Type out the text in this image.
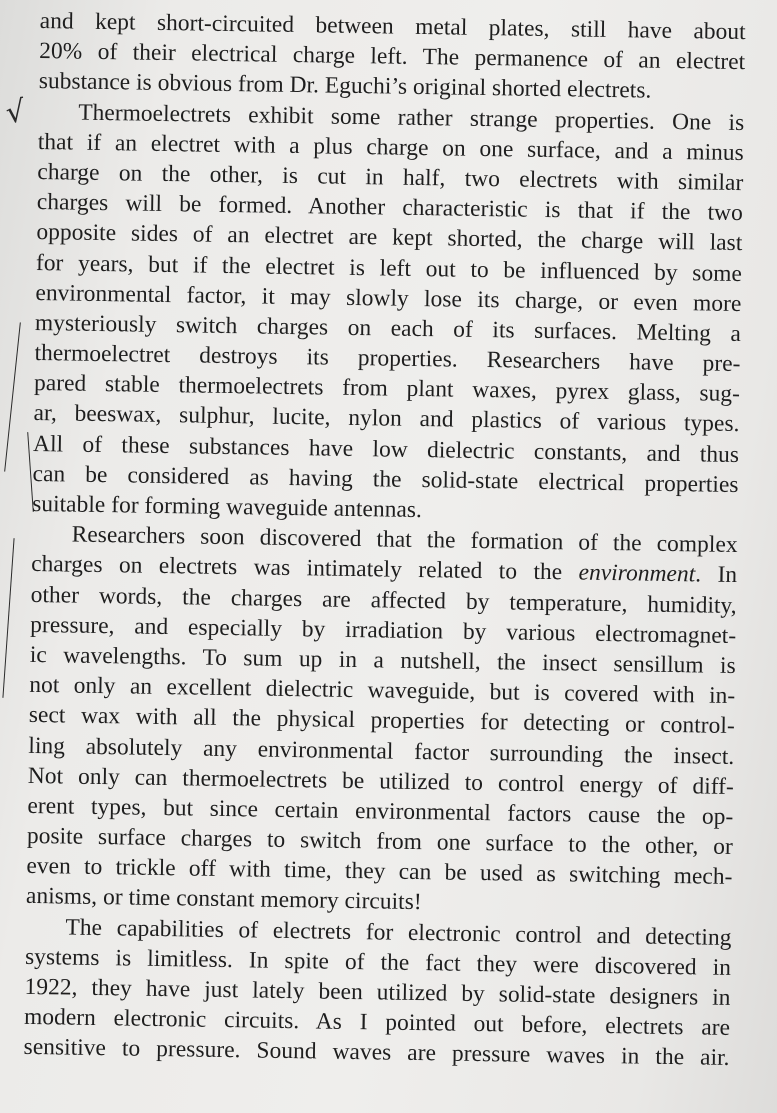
√
and kept short-circuited between metal plates, still have about
20% of their electrical charge left. The permanence of an electret
substance is obvious from Dr. Eguchi’s original shorted electrets.
Thermoelectrets exhibit some rather strange properties. One is
that if an electret with a plus charge on one surface, and a minus
charge on the other, is cut in half, two electrets with similar
charges will be formed. Another characteristic is that if the two
opposite sides of an electret are kept shorted, the charge will last
for years, but if the electret is left out to be influenced by some
environmental factor, it may slowly lose its charge, or even more
mysteriously switch charges on each of its surfaces. Melting a
thermoelectret destroys its properties. Researchers have pre-
pared stable thermoelectrets from plant waxes, pyrex glass, sug-
ar, beeswax, sulphur, lucite, nylon and plastics of various types.
All of these substances have low dielectric constants, and thus
can be considered as having the solid-state electrical properties
suitable for forming waveguide antennas.
Researchers soon discovered that the formation of the complex
charges on electrets was intimately related to the environment. In
other words, the charges are affected by temperature, humidity,
pressure, and especially by irradiation by various electromagnet-
ic wavelengths. To sum up in a nutshell, the insect sensillum is
not only an excellent dielectric waveguide, but is covered with in-
sect wax with all the physical properties for detecting or control-
ling absolutely any environmental factor surrounding the insect.
Not only can thermoelectrets be utilized to control energy of diff-
erent types, but since certain environmental factors cause the op-
posite surface charges to switch from one surface to the other, or
even to trickle off with time, they can be used as switching mech-
anisms, or time constant memory circuits!
The capabilities of electrets for electronic control and detecting
systems is limitless. In spite of the fact they were discovered in
1922, they have just lately been utilized by solid-state designers in
modern electronic circuits. As I pointed out before, electrets are
sensitive to pressure. Sound waves are pressure waves in the air.
